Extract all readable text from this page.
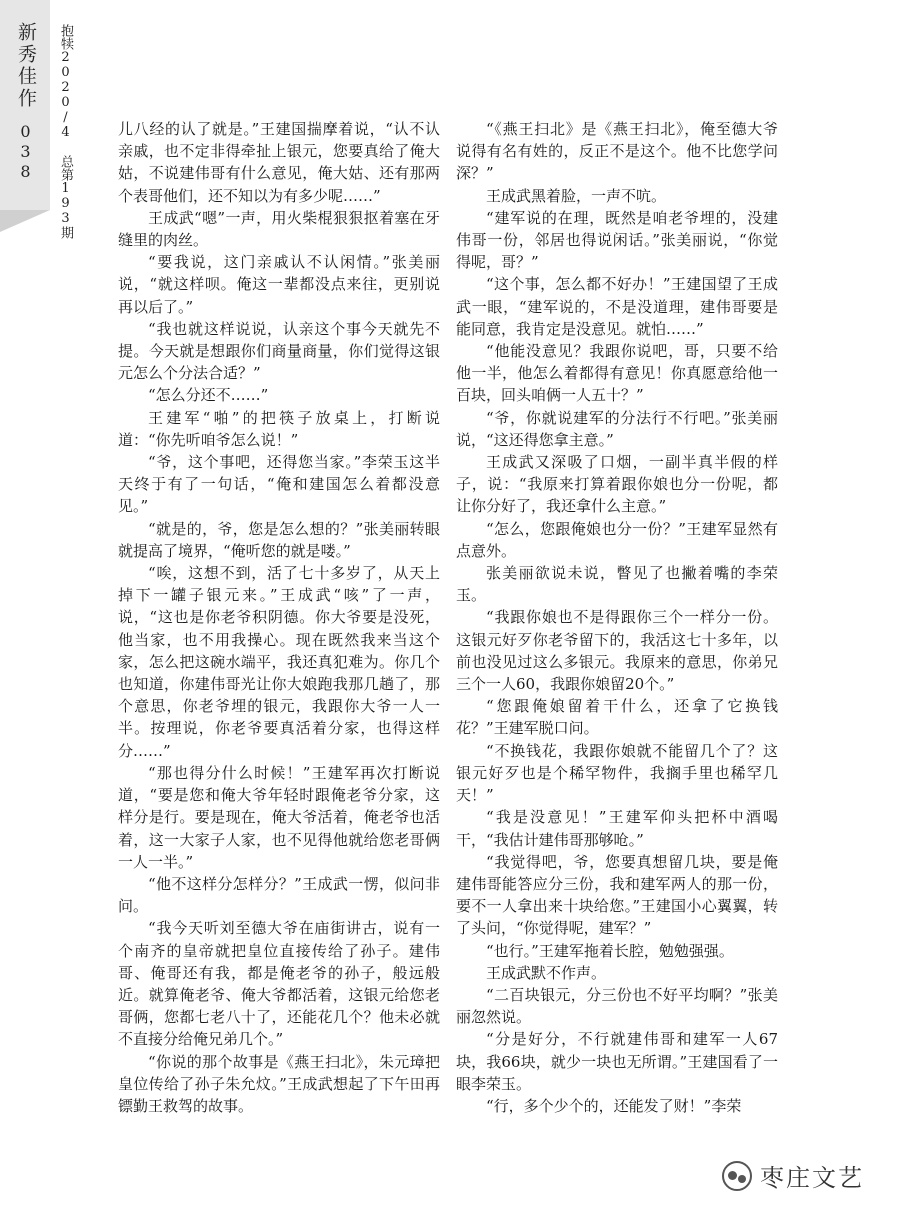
新秀佳作
038 抱犊2020/4 总第193期	儿八经的认了就是。”王建国揣摩着说，“认不认亲戚，也不定非得牵扯上银元，您要真给了俺大姑，不说建伟哥有什么意见，俺大姑、还有那两个表哥他们，还不知以为有多少呢……”

王成武“嗯”一声，用火柴棍狠狠抠着塞在牙缝里的肉丝。

“要我说，这门亲戚认不认闲情。”张美丽说，“就这样呗。俺这一辈都没点来往，更别说再以后了。”

“我也就这样说说，认亲这个事今天就先不提。今天就是想跟你们商量商量，你们觉得这银元怎么个分法合适？”

“怎么分还不……”

王建军“啪”的把筷子放桌上，打断说道：“你先听咱爷怎么说！”

“爷，这个事吧，还得您当家。”李荣玉这半天终于有了一句话，“俺和建国怎么着都没意见。”

“就是的，爷，您是怎么想的？”张美丽转眼就提高了境界，“俺听您的就是喽。”

“唉，这想不到，活了七十多岁了，从天上掉下一罐子银元来。”王成武“咳”了一声，说，“这也是你老爷积阴德。你大爷要是没死，他当家，也不用我操心。现在既然我来当这个家，怎么把这碗水端平，我还真犯难为。你几个也知道，你建伟哥光让你大娘跑我那几趟了，那个意思，你老爷埋的银元，我跟你大爷一人一半。按理说，你老爷要真活着分家，也得这样分……”

“那也得分什么时候！”王建军再次打断说道，“要是您和俺大爷年轻时跟俺老爷分家，这样分是行。要是现在，俺大爷活着，俺老爷也活着，这一大家子人家，也不见得他就给您老哥俩一人一半。”

“他不这样分怎样分？”王成武一愣，似问非问。

“我今天听刘至德大爷在庙街讲古，说有一个南齐的皇帝就把皇位直接传给了孙子。建伟哥、俺哥还有我，都是俺老爷的孙子，般远般近。就算俺老爷、俺大爷都活着，这银元给您老哥俩，您都七老八十了，还能花几个？他未必就不直接分给俺兄弟几个。”

“你说的那个故事是《燕王扫北》，朱元璋把皇位传给了孙子朱允炆。”王成武想起了下午田再镖勤王救驾的故事。

“《燕王扫北》是《燕王扫北》，俺至德大爷说得有名有姓的，反正不是这个。他不比您学问深？”

王成武黑着脸，一声不吭。

“建军说的在理，既然是咱老爷埋的，没建伟哥一份，邻居也得说闲话。”张美丽说，“你觉得呢，哥？”

“这个事，怎么都不好办！”王建国望了王成武一眼，“建军说的，不是没道理，建伟哥要是能同意，我肯定是没意见。就怕……”

“他能没意见？我跟你说吧，哥，只要不给他一半，他怎么着都得有意见！你真愿意给他一百块，回头咱俩一人五十？”

“爷，你就说建军的分法行不行吧。”张美丽说，“这还得您拿主意。”

王成武又深吸了口烟，一副半真半假的样子，说：“我原来打算着跟你娘也分一份呢，都让你分好了，我还拿什么主意。”

“怎么，您跟俺娘也分一份？”王建军显然有点意外。

张美丽欲说未说，瞥见了也撇着嘴的李荣玉。

“我跟你娘也不是得跟你三个一样分一份。这银元好歹你老爷留下的，我活这七十多年，以前也没见过这么多银元。我原来的意思，你弟兄三个一人60，我跟你娘留20个。”

“您跟俺娘留着干什么，还拿了它换钱花？”王建军脱口问。

“不换钱花，我跟你娘就不能留几个了？这银元好歹也是个稀罕物件，我搁手里也稀罕几天！”

“我是没意见！”王建军仰头把杯中酒喝干，“我估计建伟哥那够呛。”

“我觉得吧，爷，您要真想留几块，要是俺建伟哥能答应分三份，我和建军两人的那一份，要不一人拿出来十块给您。”王建国小心翼翼，转了头问，“你觉得呢，建军？”

“也行。”王建军拖着长腔，勉勉强强。

王成武默不作声。

“二百块银元，分三份也不好平均啊？”张美丽忽然说。

“分是好分，不行就建伟哥和建军一人67块，我66块，就少一块也无所谓。”王建国看了一眼李荣玉。

“行，多个少个的，还能发了财！”李荣

枣庄文艺
